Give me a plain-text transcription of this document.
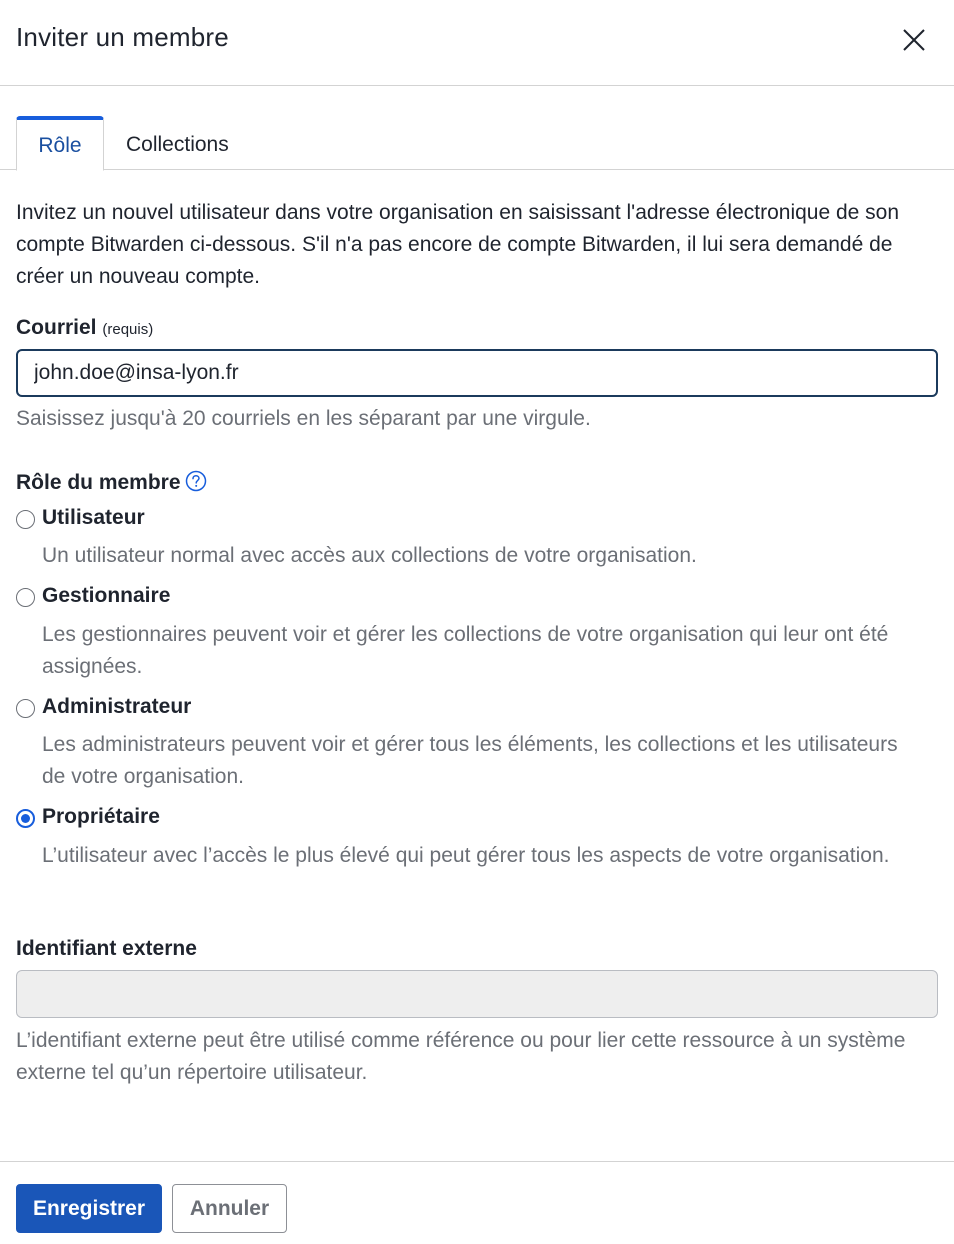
Inviter un membre
Rôle	Collections

Invitez un nouvel utilisateur dans votre organisation en saisissant l'adresse électronique de son compte Bitwarden ci-dessous. S'il n'a pas encore de compte Bitwarden, il lui sera demandé de créer un nouveau compte.

Courriel (requis)
john.doe@insa-lyon.fr
Saisissez jusqu'à 20 courriels en les séparant par une virgule.
Rôle du membre
Utilisateur
Un utilisateur normal avec accès aux collections de votre organisation.
Gestionnaire
Les gestionnaires peuvent voir et gérer les collections de votre organisation qui leur ont été assignées.
Administrateur
Les administrateurs peuvent voir et gérer tous les éléments, les collections et les utilisateurs de votre organisation.
Propriétaire
L’utilisateur avec l’accès le plus élevé qui peut gérer tous les aspects de votre organisation.
Identifiant externe
L’identifiant externe peut être utilisé comme référence ou pour lier cette ressource à un système externe tel qu’un répertoire utilisateur.
Enregistrer	Annuler
